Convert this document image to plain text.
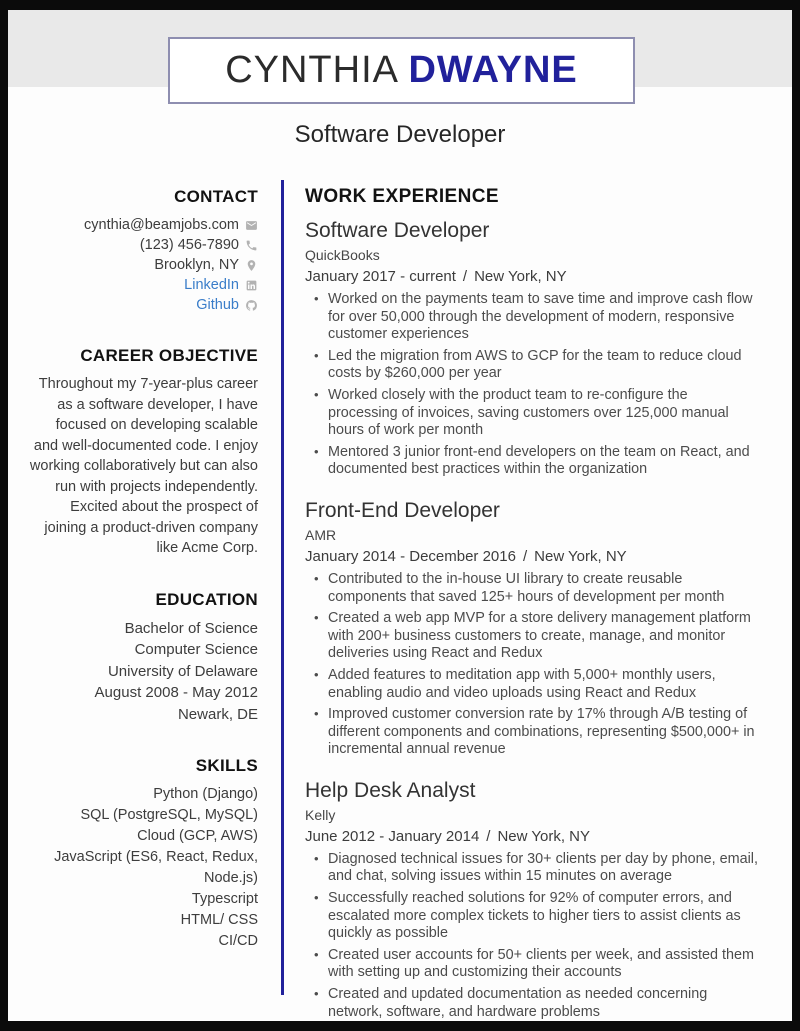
CYNTHIA DWAYNE
Software Developer
CONTACT
cynthia@beamjobs.com
(123) 456-7890
Brooklyn, NY
LinkedIn
Github
CAREER OBJECTIVE

Throughout my 7-year-plus career as a software developer, I have focused on developing scalable and well-documented code. I enjoy working collaboratively but can also run with projects independently. Excited about the prospect of joining a product-driven company like Acme Corp.

EDUCATION
Bachelor of Science
Computer Science
University of Delaware
August 2008 - May 2012
Newark, DE
SKILLS
Python (Django)
SQL (PostgreSQL, MySQL)
Cloud (GCP, AWS)
JavaScript (ES6, React, Redux, Node.js)
Typescript
HTML/ CSS
CI/CD
WORK EXPERIENCE
Software Developer
QuickBooks
January 2017 - current / New York, NY
• Worked on the payments team to save time and improve cash flow for over 50,000 through the development of modern, responsive customer experiences
• Led the migration from AWS to GCP for the team to reduce cloud costs by $260,000 per year
• Worked closely with the product team to re-configure the processing of invoices, saving customers over 125,000 manual hours of work per month
• Mentored 3 junior front-end developers on the team on React, and documented best practices within the organization
Front-End Developer
AMR
January 2014 - December 2016 / New York, NY
• Contributed to the in-house UI library to create reusable components that saved 125+ hours of development per month
• Created a web app MVP for a store delivery management platform with 200+ business customers to create, manage, and monitor deliveries using React and Redux
• Added features to meditation app with 5,000+ monthly users, enabling audio and video uploads using React and Redux
• Improved customer conversion rate by 17% through A/B testing of different components and combinations, representing $500,000+ in incremental annual revenue
Help Desk Analyst
Kelly
June 2012 - January 2014 / New York, NY
• Diagnosed technical issues for 30+ clients per day by phone, email, and chat, solving issues within 15 minutes on average
• Successfully reached solutions for 92% of computer errors, and escalated more complex tickets to higher tiers to assist clients as quickly as possible
• Created user accounts for 50+ clients per week, and assisted them with setting up and customizing their accounts
• Created and updated documentation as needed concerning network, software, and hardware problems
